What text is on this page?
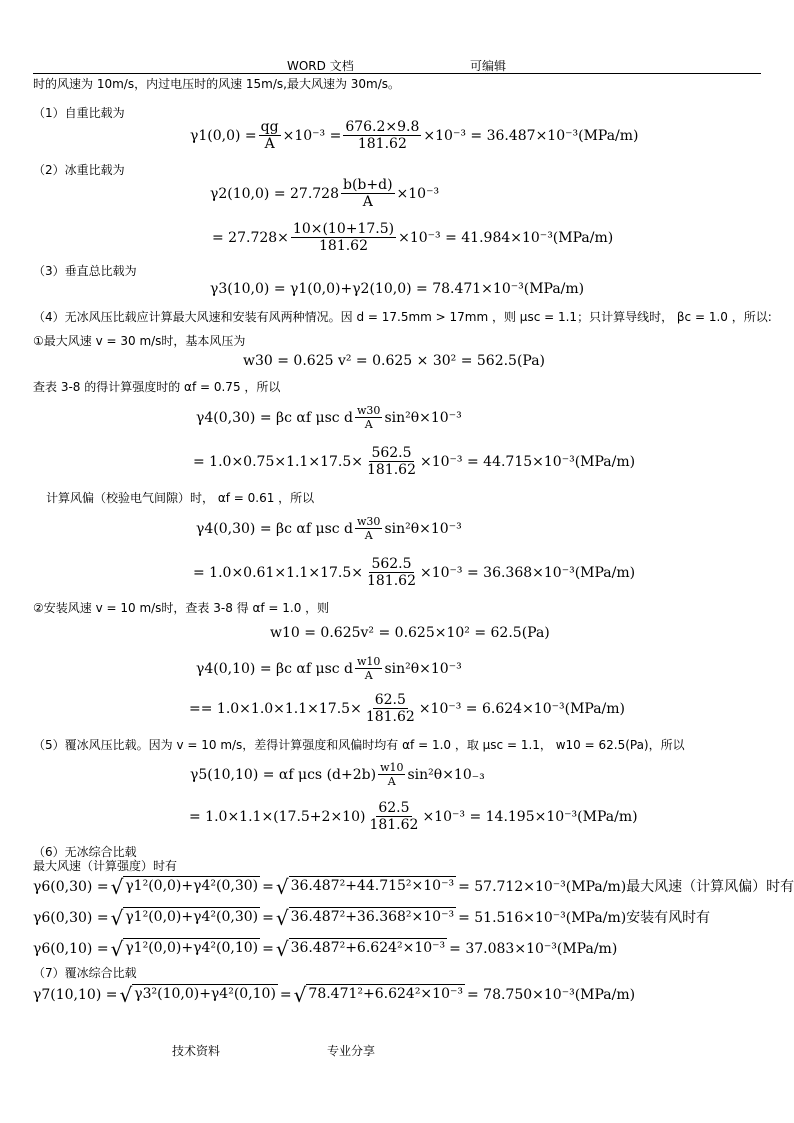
WORD 文档	可编辑
时的风速为 10m/s，内过电压时的风速 15m/s,最大风速为 30m/s。
（1）自重比载为
$\gamma 1(0,0) = \frac{qg}{A} \times 10^{-3} = \frac{676.2\times 9.8}{181.62} \times 10^{-3} = 36.487\times 10^{-3}(MPa/m)$
（2）冰重比载为
$\gamma 2(10,0) = 27.728 \frac{b(b+d)}{A} \times 10^{-3}$
= $27.728\times \frac{10\times(10+17.5)}{181.62} \times 10^{-3} = 41.984\times 10^{-3}(MPa/m)$
（3）垂直总比载为
γ3(10,0) = γ1(0,0)+γ2(10,0) = 78.471×10⁻³(MPa/m)
（4）无冰风压比载应计算最大风速和安装有风两种情况。因 d = 17.5mm > 17mm ，则 μsc = 1.1；只计算导线时， βc = 1.0 ，所以:
①最大风速 v = 30 m/s时，基本风压为
w30 = 0.625 v² = 0.625 × 30² = 562.5(Pa)
查表 3-8 的得计算强度时的 αf = 0.75 ，所以
γ4(0,30) = βc αf μsc d $\frac{w30}{A} \sin^2\theta\times 10^{-3}$
= $1.0\times 0.75\times 1.1\times 17.5\times \frac{562.5}{181.62} \times 10^{-3} = 44.715\times 10^{-3}(MPa/m)$
计算风偏（校验电气间隙）时， αf = 0.61 ，所以
γ4(0,30) = βc αf μsc d $\frac{w30}{A} \sin^2\theta\times 10^{-3}$
= $1.0\times 0.61\times 1.1\times 17.5\times \frac{562.5}{181.62} \times 10^{-3} = 36.368\times 10^{-3}(MPa/m)$
②安装风速 v = 10 m/s时，查表 3-8 得 αf = 1.0 ，则
w10 = 0.625v² = 0.625×10² = 62.5(Pa)
γ4(0,10) = βc αf μsc d $\frac{w10}{A} \sin^2\theta\times 10^{-3}$
== $1.0\times 1.0\times 1.1\times 17.5\times \frac{62.5}{181.62} \times 10^{-3} = 6.624\times 10^{-3}(MPa/m)$
（5）覆冰风压比载。因为 v = 10 m/s，差得计算强度和风偏时均有 αf = 1.0 ，取 μsc = 1.1， w10 = 62.5(Pa)，所以
γ5(10,10) = αf μcs $(d+2b) \frac{w10}{A} \sin^2\theta\times 10_{-3}$
= $1.0\times 1.1\times(17.5+2\times 10) \frac{62.5}{181.62} \times 10^{-3} = 14.195\times 10^{-3}(MPa/m)$
（6）无冰综合比载
最大风速（计算强度）时有
γ6(0,30) = √ γ1²(0,0)+γ4²(0,30) = √ 36.487²+44.715²×10⁻³ = 57.712×10⁻³(MPa/m)最大风速（计算风偏）时有
γ6(0,30) = √ γ1²(0,0)+γ4²(0,30) = √ 36.487²+36.368²×10⁻³ = 51.516×10⁻³(MPa/m)安装有风时有
γ6(0,10) = √ γ1²(0,0)+γ4²(0,10) = √ 36.487²+6.624²×10⁻³ = 37.083×10⁻³(MPa/m)
（7）覆冰综合比载
γ7(10,10) = √ γ3²(10,0)+γ4²(0,10) = √ 78.471²+6.624²×10⁻³ = 78.750×10⁻³(MPa/m)
技术资料	专业分享
